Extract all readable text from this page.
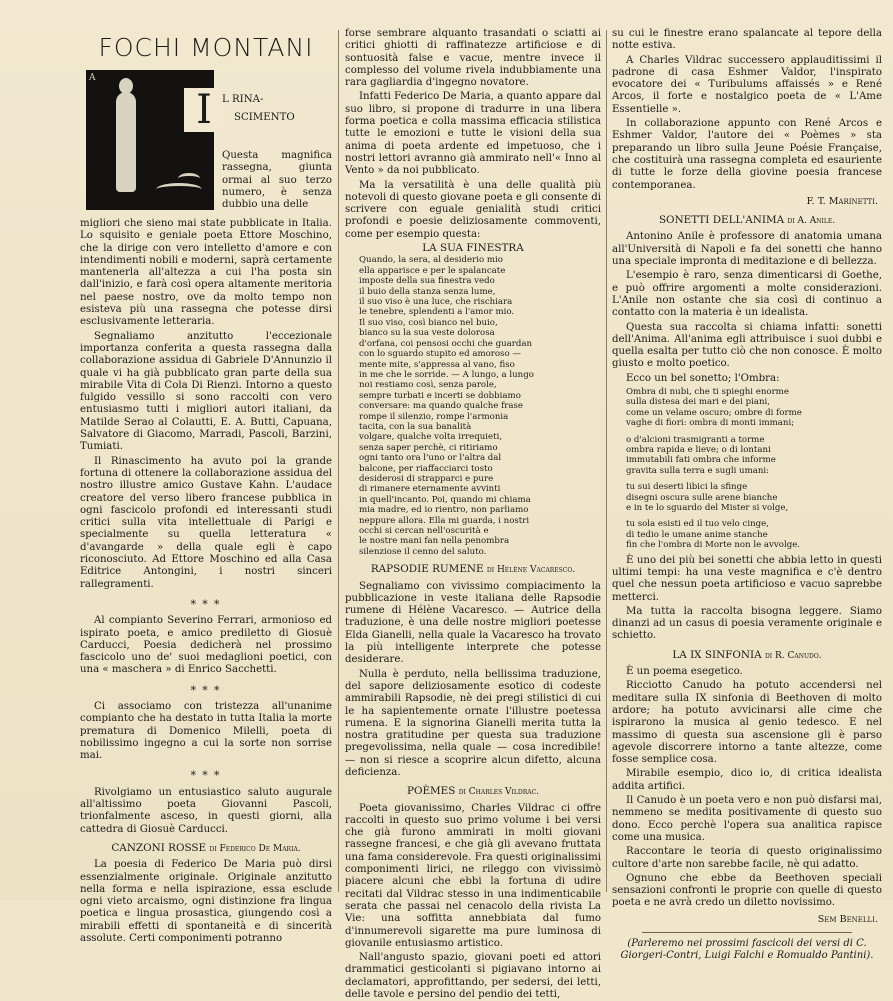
FOCHI MONTANI
A
I L RINA-
SCIMENTO
Questa magnifica rassegna, giunta ormai al suo terzo numero, è senza dubbio una delle

migliori che sieno mai state pubblicate in Italia. Lo squisito e geniale poeta Ettore Moschino, che la dirige con vero intelletto d'amore e con intendimenti nobili e moderni, saprà certamente mantenerla all'altezza a cui l'ha posta sin dall'inizio, e farà così opera altamente meritoria nel paese nostro, ove da molto tempo non esisteva più una rassegna che potesse dirsi esclusivamente letteraria.

Segnaliamo anzitutto l'eccezionale importanza conferita a questa rassegna dalla collaborazione assidua di Gabriele D'Annunzio il quale vi ha già pubblicato gran parte della sua mirabile Vita di Cola Di Rienzi. Intorno a questo fulgido vessillo si sono raccolti con vero entusiasmo tutti i migliori autori italiani, da Matilde Serao al Colautti, E. A. Butti, Capuana, Salvatore di Giacomo, Marradi, Pascoli, Barzini, Tumiati.

Il Rinascimento ha avuto poi la grande fortuna di ottenere la collaborazione assidua del nostro illustre amico Gustave Kahn. L'audace creatore del verso libero francese pubblica in ogni fascicolo profondi ed interessanti studi critici sulla vita intellettuale di Parigi e specialmente su quella letteratura « d'avangarde » della quale egli è capo riconosciuto. Ad Ettore Moschino ed alla Casa Editrice Antongini, i nostri sinceri rallegramenti.

* * *

Al compianto Severino Ferrari, armonioso ed ispirato poeta, e amico prediletto di Giosuè Carducci, Poesia dedicherà nel prossimo fascicolo uno de' suoi medaglioni poetici, con una « maschera » di Enrico Sacchetti.

* * *

Ci associamo con tristezza all'unanime compianto che ha destato in tutta Italia la morte prematura di Domenico Milelli, poeta di nobilissimo ingegno a cui la sorte non sorrise mai.

* * *

Rivolgiamo un entusiastico saluto augurale all'altissimo poeta Giovanni Pascoli, trionfalmente asceso, in questi giorni, alla cattedra di Giosuè Carducci.

CANZONI ROSSE di Federico De Maria.

La poesia di Federico De Maria può dirsi essenzialmente originale. Originale anzitutto nella forma e nella ispirazione, essa esclude ogni vieto arcaismo, ogni distinzione fra lingua poetica e lingua prosastica, giungendo così a mirabili effetti di spontaneità e di sincerità assolute. Certi componimenti potranno

forse sembrare alquanto trasandati o sciatti ai critici ghiotti di raffinatezze artificiose e di sontuosità false e vacue, mentre invece il complesso del volume rivela indubbiamente una rara gagliardia d'ingegno novatore.

Infatti Federico De Maria, a quanto appare dal suo libro, si propone di tradurre in una libera forma poetica e colla massima efficacia stilistica tutte le emozioni e tutte le visioni della sua anima di poeta ardente ed impetuoso, che i nostri lettori avranno già ammirato nell'« Inno al Vento » da noi pubblicato.

Ma la versatilità è una delle qualità più notevoli di questo giovane poeta e gli consente di scrivere con eguale genialità studi critici profondi e poesie deliziosamente commoventi, come per esempio questa:

LA SUA FINESTRA
Quando, la sera, al desiderio mio
ella appariscе e per le spalancate
imposte della sua finestra vedo
il buio della stanza senza lume,
il suo viso è una luce, che rischiara
le tenebre, splendenti a l'amor mio.
Il suo viso, così bianco nel buio,
bianco su la sua veste dolorosa
d'orfana, coi pensosi occhi che guardan
con lo sguardo stupito ed amoroso —
mente mite, s'appressa al vano, fiso
in me che le sorride. — A lungo, a lungo
noi restiamo così, senza parole,
sempre turbati e incerti se dobbiamo
conversare: ma quando qualche frase
rompe il silenzio, rompe l'armonia
tacita, con la sua banalità
volgare, qualche volta irrequieti,
senza saper perchè, ci ritiriamo
ogni tanto ora l'uno or l'altra dal
balcone, per riaffacciarci tosto
desiderosi di strapparci e pure
di rimanere eternamente avvinti
in quell'incanto. Poi, quando mi chiama
mia madre, ed io rientro, non parliamo
neppure allora. Ella mi guarda, i nostri
occhi si cercan nell'oscurità e
le nostre mani fan nella penombra
silenziose il cenno del saluto.
RAPSODIE RUMENE di Hélène Vacaresco.

Segnaliamo con vivissimo compiacimento la pubblicazione in veste italiana delle Rapsodie rumene di Hélène Vacaresco. — Autrice della traduzione, è una delle nostre migliori poetesse Elda Gianelli, nella quale la Vacaresco ha trovato la più intelligente interprete che potesse desiderare.

Nulla è perduto, nella bellissima traduzione, del sapore deliziosamente esotico di codeste ammirabili Rapsodie, nè dei pregi stilistici di cui le ha sapientemente ornate l'illustre poetessa rumena. E la signorina Gianelli merita tutta la nostra gratitudine per questa sua traduzione pregevolissima, nella quale — cosa incredibile! — non si riesce a scoprire alcun difetto, alcuna deficienza.

POÈMES di Charles Vildrac.

Poeta giovanissimo, Charles Vildrac ci offre raccolti in questo suo primo volume i bei versi che già furono ammirati in molti giovani rassegne francesi, e che già gli avevano fruttata una fama considerevole. Fra questi originalissimi componimenti lirici, ne rileggo con vivissimò piacere alcuni che ebbi la fortuna di udire recitati dal Vildrac stesso in una indimenticabile serata che passai nel cenacolo della rivista La Vie: una soffitta annebbiata dal fumo d'innumerevoli sigarette ma pure luminosa di giovanile entusiasmo artistico.

Nall'angusto spazio, giovani poeti ed attori drammatici gesticolanti si pigiavano intorno ai declamatori, approfittando, per sedersi, dei letti, delle tavole e persino del pendio dei tetti,

su cui le finestre erano spalancate al tepore della notte estiva.

A Charles Vildrac successero applauditissimi il padrone di casa Eshmer Valdor, l'inspirato evocatore dei « Turibulums affaissés » e René Arcos, il forte e nostalgico poeta de « L'Ame Essentielle ».

In collaborazione appunto con René Arcos e Eshmer Valdor, l'autore dei « Poèmes » sta preparando un libro sulla Jeune Poésie Française, che costituirà una rassegna completa ed esauriente di tutte le forze della giovine poesia francese contemporanea.

F. T. Marinetti.
SONETTI DELL'ANIMA di A. Anile.

Antonino Anile è professore di anatomia umana all'Università di Napoli e fa dei sonetti che hanno una speciale impronta di meditazione e di bellezza.

L'esempio è raro, senza dimenticarsi di Goethe, e può offrire argomenti a molte considerazioni. L'Anile non ostante che sia così di continuo a contatto con la materia è un idealista.

Questa sua raccolta si chiama infatti: sonetti dell'Anima. All'anima egli attribuisce i suoi dubbi e quella esalta per tutto ciò che non conosce. È molto giusto e molto poetico.

Ecco un bel sonetto; l'Ombra:

Ombra di nubi, che ti spieghi enorme
sulla distesa dei mari e dei piani,
come un velame oscuro; ombre di forme
vaghe di fiori: ombra di monti immani;
o d'alcioni trasmigranti a torme
ombra rapida e lieve; o di lontani
immutabili fati ombra che informe
gravita sulla terra e sugli umani:
tu sui deserti libici la sfinge
disegni oscura sulle arene bianche
e in te lo sguardo del Mister si volge,
tu sola esisti ed il tuo velo cinge,
di tedio le umane anime stanche
fin che l'ombra di Morte non le avvolge.

È uno dei più bei sonetti che abbia letto in questi ultimi tempi: ha una veste magnifica e c'è dentro quel che nessun poeta artificioso e vacuo saprebbe metterci.

Ma tutta la raccolta bisogna leggere. Siamo dinanzi ad un casus di poesia veramente originale e schietto.

LA IX SINFONIA di R. Canudo.

È un poema esegetico.

Ricciotto Canudo ha potuto accendersi nel meditare sulla IX sinfonia di Beethoven di molto ardore; ha potuto avvicinarsi alle cime che ispirarono la musica al genio tedesco. E nel massimo di questa sua ascensione gli è parso agevole discorrere intorno a tante altezze, come fosse semplice cosa.

Mirabile esempio, dico io, di critica idealista addita artifici.

Il Canudo è un poeta vero e non può disfarsi mai, nemmeno se medita positivamente di questo suo dono. Ecco perchè l'opera sua analitica rapisce come una musica.

Raccontare le teoria di questo originalissimo cultore d'arte non sarebbe facile, nè qui adatto.

Ognuno che ebbe da Beethoven speciali sensazioni confronti le proprie con quelle di questo poeta e ne avrà credo un diletto novissimo.

Sem Benelli.
(Parleremo nei prossimi fascicoli dei versi di C. Giorgeri-Contri, Luigi Falchi e Romualdo Pantini).
